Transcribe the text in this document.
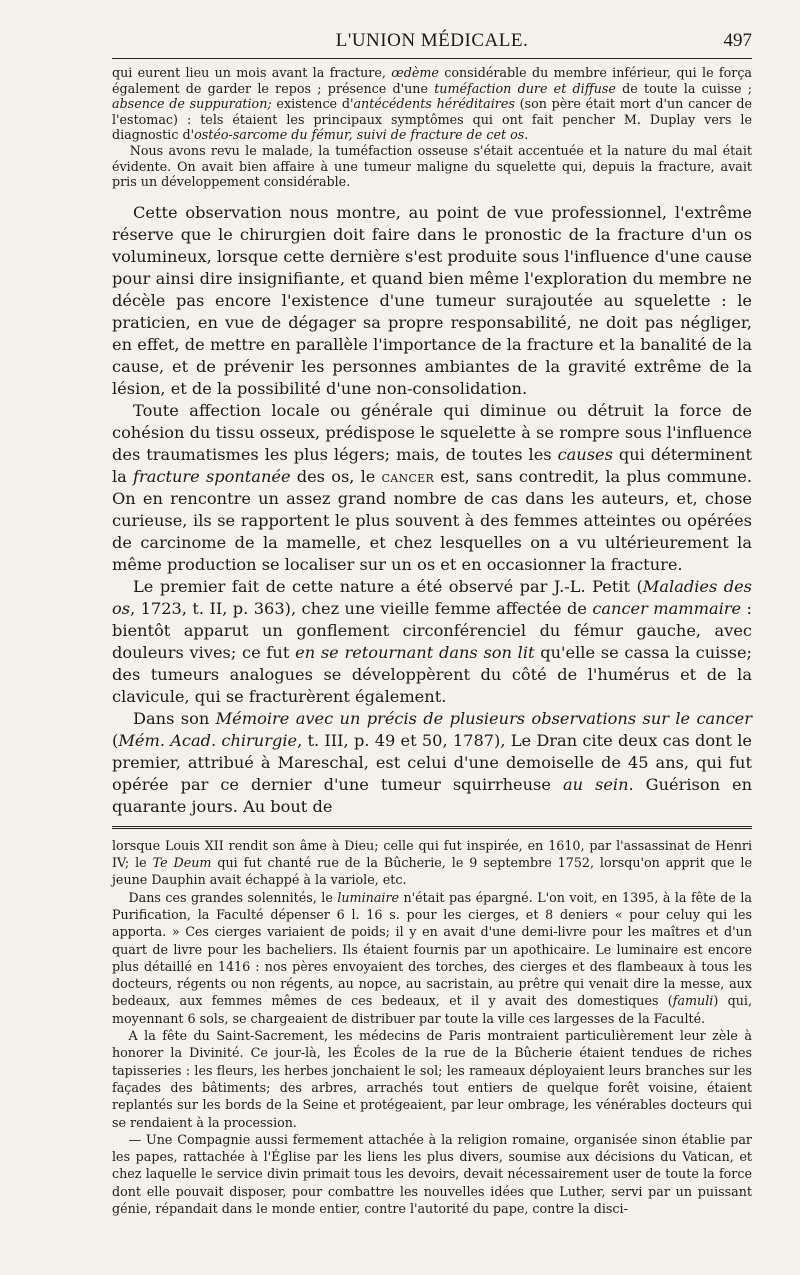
L'UNION MÉDICALE.	497

qui eurent lieu un mois avant la fracture, œdème considérable du membre inférieur, qui le força également de garder le repos ; présence d'une tuméfaction dure et diffuse de toute la cuisse ; absence de suppuration; existence d'antécédents héréditaires (son père était mort d'un cancer de l'estomac) : tels étaient les principaux symptômes qui ont fait pencher M. Duplay vers le diagnostic d'ostéo-sarcome du fémur, suivi de fracture de cet os.

Nous avons revu le malade, la tuméfaction osseuse s'était accentuée et la nature du mal était évidente. On avait bien affaire à une tumeur maligne du squelette qui, depuis la fracture, avait pris un développement considérable.

Cette observation nous montre, au point de vue professionnel, l'extrême réserve que le chirurgien doit faire dans le pronostic de la fracture d'un os volumineux, lorsque cette dernière s'est produite sous l'influence d'une cause pour ainsi dire insignifiante, et quand bien même l'exploration du membre ne décèle pas encore l'existence d'une tumeur surajoutée au squelette : le praticien, en vue de dégager sa propre responsabilité, ne doit pas négliger, en effet, de mettre en parallèle l'importance de la fracture et la banalité de la cause, et de prévenir les personnes ambiantes de la gravité extrême de la lésion, et de la possibilité d'une non-consolidation.

Toute affection locale ou générale qui diminue ou détruit la force de cohésion du tissu osseux, prédispose le squelette à se rompre sous l'influence des traumatismes les plus légers; mais, de toutes les causes qui déterminent la fracture spontanée des os, le cancer est, sans contredit, la plus commune. On en rencontre un assez grand nombre de cas dans les auteurs, et, chose curieuse, ils se rapportent le plus souvent à des femmes atteintes ou opérées de carcinome de la mamelle, et chez lesquelles on a vu ultérieurement la même production se localiser sur un os et en occasionner la fracture.

Le premier fait de cette nature a été observé par J.-L. Petit (Maladies des os, 1723, t. II, p. 363), chez une vieille femme affectée de cancer mammaire : bientôt apparut un gonflement circonférenciel du fémur gauche, avec douleurs vives; ce fut en se retournant dans son lit qu'elle se cassa la cuisse; des tumeurs analogues se développèrent du côté de l'humérus et de la clavicule, qui se fracturèrent également.

Dans son Mémoire avec un précis de plusieurs observations sur le cancer (Mém. Acad. chirurgie, t. III, p. 49 et 50, 1787), Le Dran cite deux cas dont le premier, attribué à Mareschal, est celui d'une demoiselle de 45 ans, qui fut opérée par ce dernier d'une tumeur squirrheuse au sein. Guérison en quarante jours. Au bout de

lorsque Louis XII rendit son âme à Dieu; celle qui fut inspirée, en 1610, par l'assassinat de Henri IV; le Te Deum qui fut chanté rue de la Bûcherie, le 9 septembre 1752, lorsqu'on apprit que le jeune Dauphin avait échappé à la variole, etc.

Dans ces grandes solennités, le luminaire n'était pas épargné. L'on voit, en 1395, à la fête de la Purification, la Faculté dépenser 6 l. 16 s. pour les cierges, et 8 deniers « pour celuy qui les apporta. » Ces cierges variaient de poids; il y en avait d'une demi-livre pour les maîtres et d'un quart de livre pour les bacheliers. Ils étaient fournis par un apothicaire. Le luminaire est encore plus détaillé en 1416 : nos pères envoyaient des torches, des cierges et des flambeaux à tous les docteurs, régents ou non régents, au nopce, au sacristain, au prêtre qui venait dire la messe, aux bedeaux, aux femmes mêmes de ces bedeaux, et il y avait des domestiques (famuli) qui, moyennant 6 sols, se chargeaient de distribuer par toute la ville ces largesses de la Faculté.

A la fête du Saint-Sacrement, les médecins de Paris montraient particulièrement leur zèle à honorer la Divinité. Ce jour-là, les Écoles de la rue de la Bûcherie étaient tendues de riches tapisseries : les fleurs, les herbes jonchaient le sol; les rameaux déployaient leurs branches sur les façades des bâtiments; des arbres, arrachés tout entiers de quelque forêt voisine, étaient replantés sur les bords de la Seine et protégeaient, par leur ombrage, les vénérables docteurs qui se rendaient à la procession.

— Une Compagnie aussi fermement attachée à la religion romaine, organisée sinon établie par les papes, rattachée à l'Église par les liens les plus divers, soumise aux décisions du Vatican, et chez laquelle le service divin primait tous les devoirs, devait nécessairement user de toute la force dont elle pouvait disposer, pour combattre les nouvelles idées que Luther, servi par un puissant génie, répandait dans le monde entier, contre l'autorité du pape, contre la disci-
